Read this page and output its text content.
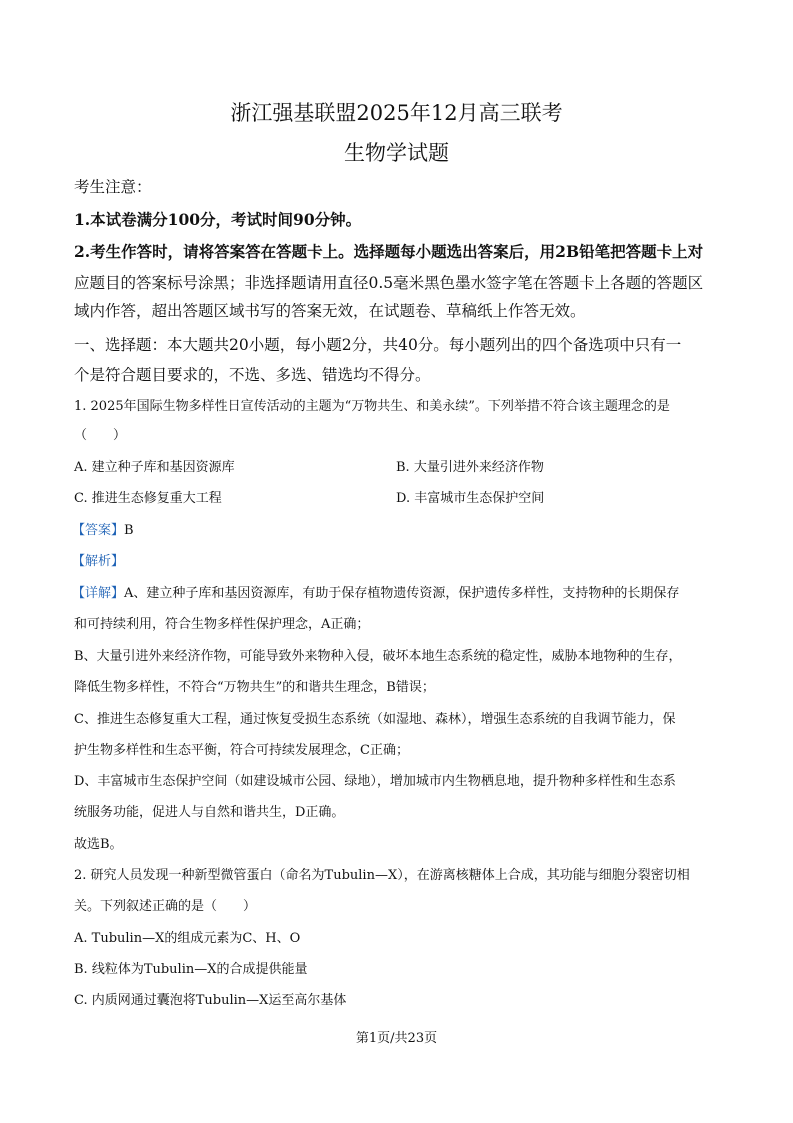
浙江强基联盟2025年12月高三联考
生物学试题
考生注意：
1.本试卷满分100分，考试时间90分钟。
2.考生作答时，请将答案答在答题卡上。选择题每小题选出答案后，用2B铅笔把答题卡上对
应题目的答案标号涂黑；非选择题请用直径0.5毫米黑色墨水签字笔在答题卡上各题的答题区
域内作答，超出答题区域书写的答案无效，在试题卷、草稿纸上作答无效。
一、选择题：本大题共20小题，每小题2分，共40分。每小题列出的四个备选项中只有一
个是符合题目要求的，不选、多选、错选均不得分。
1. 2025年国际生物多样性日宣传活动的主题为“万物共生、和美永续”。下列举措不符合该主题理念的是
（　　）
A. 建立种子库和基因资源库	B. 大量引进外来经济作物
C. 推进生态修复重大工程	D. 丰富城市生态保护空间
【答案】B
【解析】
【详解】A、建立种子库和基因资源库，有助于保存植物遗传资源，保护遗传多样性，支持物种的长期保存
和可持续利用，符合生物多样性保护理念，A正确；
B、大量引进外来经济作物，可能导致外来物种入侵，破坏本地生态系统的稳定性，威胁本地物种的生存，
降低生物多样性，不符合“万物共生”的和谐共生理念，B错误；
C、推进生态修复重大工程，通过恢复受损生态系统（如湿地、森林），增强生态系统的自我调节能力，保
护生物多样性和生态平衡，符合可持续发展理念，C正确；
D、丰富城市生态保护空间（如建设城市公园、绿地），增加城市内生物栖息地，提升物种多样性和生态系
统服务功能，促进人与自然和谐共生，D正确。
故选B。
2. 研究人员发现一种新型微管蛋白（命名为Tubulin—X），在游离核糖体上合成，其功能与细胞分裂密切相
关。下列叙述正确的是（　　）
A. Tubulin—X的组成元素为C、H、O
B. 线粒体为Tubulin—X的合成提供能量
C. 内质网通过囊泡将Tubulin—X运至高尔基体
第1页/共23页
